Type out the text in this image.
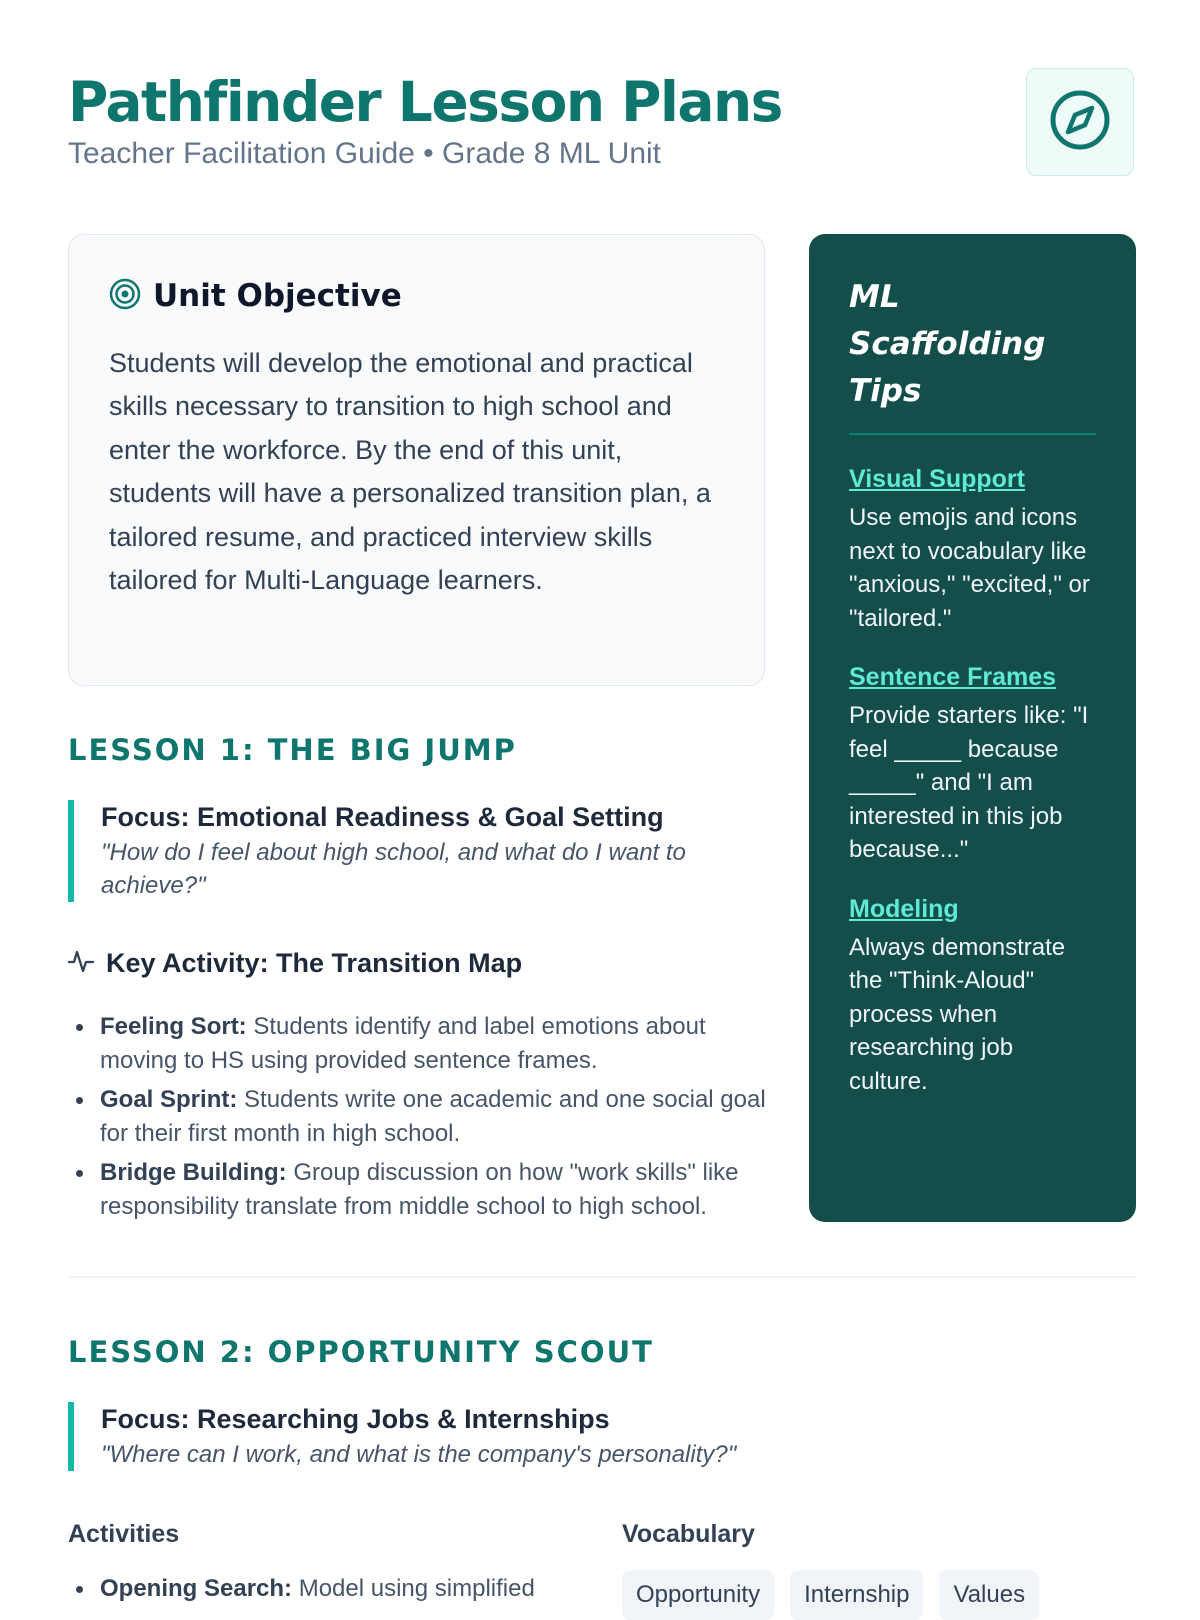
Pathfinder Lesson Plans
Teacher Facilitation Guide • Grade 8 ML Unit
Unit Objective
Students will develop the emotional and practical skills necessary to transition to high school and enter the workforce. By the end of this unit, students will have a personalized transition plan, a tailored resume, and practiced interview skills tailored for Multi-Language learners.
LESSON 1: THE BIG JUMP
Focus: Emotional Readiness & Goal Setting
"How do I feel about high school, and what do I want to achieve?"
Key Activity: The Transition Map
Feeling Sort: Students identify and label emotions about moving to HS using provided sentence frames.
Goal Sprint: Students write one academic and one social goal for their first month in high school.
Bridge Building: Group discussion on how "work skills" like responsibility translate from middle school to high school.
ML Scaffolding Tips
Visual Support
Use emojis and icons next to vocabulary like "anxious," "excited," or "tailored."
Sentence Frames
Provide starters like: "I feel _____ because _____" and "I am interested in this job because..."
Modeling
Always demonstrate the "Think-Aloud" process when researching job culture.
LESSON 2: OPPORTUNITY SCOUT
Focus: Researching Jobs & Internships
"Where can I work, and what is the company's personality?"
Activities	Vocabulary
Opening Search: Model using simplified	Opportunity	Internship	Values
